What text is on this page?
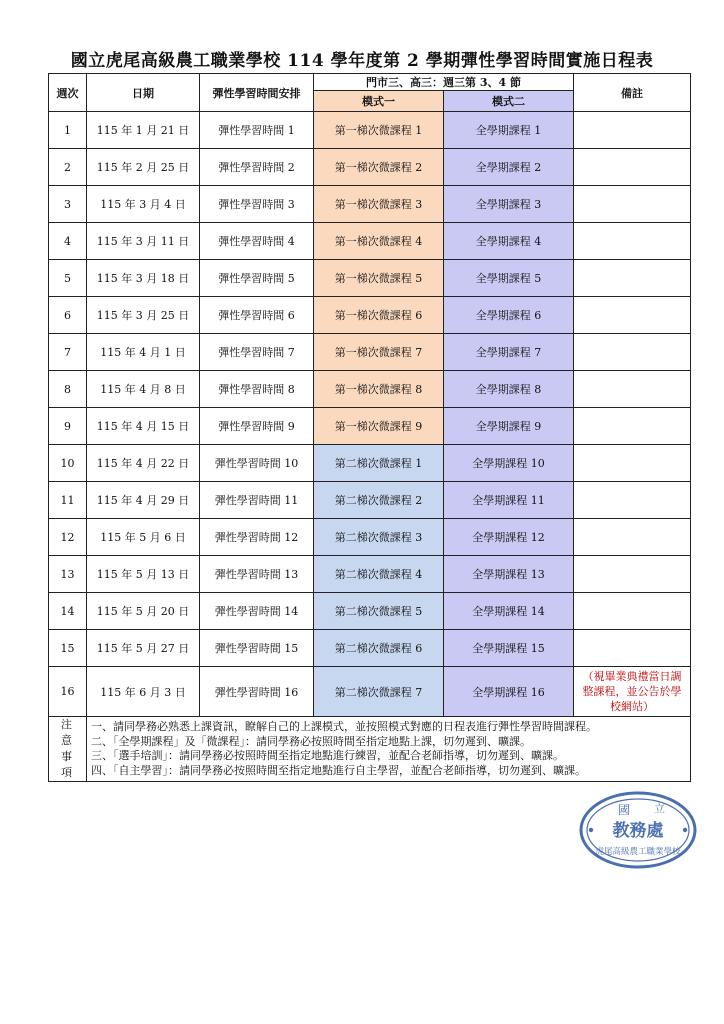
國立虎尾高級農工職業學校 114 學年度第 2 學期彈性學習時間實施日程表
週次	日期	彈性學習時間安排	門市三、高三：週三第 3、4 節		備註
			模式一	模式二	
1	115 年 1 月 21 日	彈性學習時間 1	第一梯次微課程 1	全學期課程 1	
2	115 年 2 月 25 日	彈性學習時間 2	第一梯次微課程 2	全學期課程 2	
3	115 年 3 月 4 日	彈性學習時間 3	第一梯次微課程 3	全學期課程 3	
4	115 年 3 月 11 日	彈性學習時間 4	第一梯次微課程 4	全學期課程 4	
5	115 年 3 月 18 日	彈性學習時間 5	第一梯次微課程 5	全學期課程 5	
6	115 年 3 月 25 日	彈性學習時間 6	第一梯次微課程 6	全學期課程 6	
7	115 年 4 月 1 日	彈性學習時間 7	第一梯次微課程 7	全學期課程 7	
8	115 年 4 月 8 日	彈性學習時間 8	第一梯次微課程 8	全學期課程 8	
9	115 年 4 月 15 日	彈性學習時間 9	第一梯次微課程 9	全學期課程 9	
10	115 年 4 月 22 日	彈性學習時間 10	第二梯次微課程 1	全學期課程 10	
11	115 年 4 月 29 日	彈性學習時間 11	第二梯次微課程 2	全學期課程 11	
12	115 年 5 月 6 日	彈性學習時間 12	第二梯次微課程 3	全學期課程 12	
13	115 年 5 月 13 日	彈性學習時間 13	第二梯次微課程 4	全學期課程 13	
14	115 年 5 月 20 日	彈性學習時間 14	第二梯次微課程 5	全學期課程 14	
15	115 年 5 月 27 日	彈性學習時間 15	第二梯次微課程 6	全學期課程 15	
16	115 年 6 月 3 日	彈性學習時間 16	第二梯次微課程 7	全學期課程 16	（視畢業典禮當日調整課程，並公告於學校網站）
注意事項	一、請同學務必熟悉上課資訊，瞭解自己的上課模式，並按照模式對應的日程表進行彈性學習時間課程。
二、「全學期課程」及「微課程」：請同學務必按照時間至指定地點上課，切勿遲到、曠課。
三、「選手培訓」：請同學務必按照時間至指定地點進行練習，並配合老師指導，切勿遲到、曠課。
四、「自主學習」：請同學務必按照時間至指定地點進行自主學習，並配合老師指導，切勿遲到、曠課。				
國 立
教務處
虎尾高級農工職業學校
